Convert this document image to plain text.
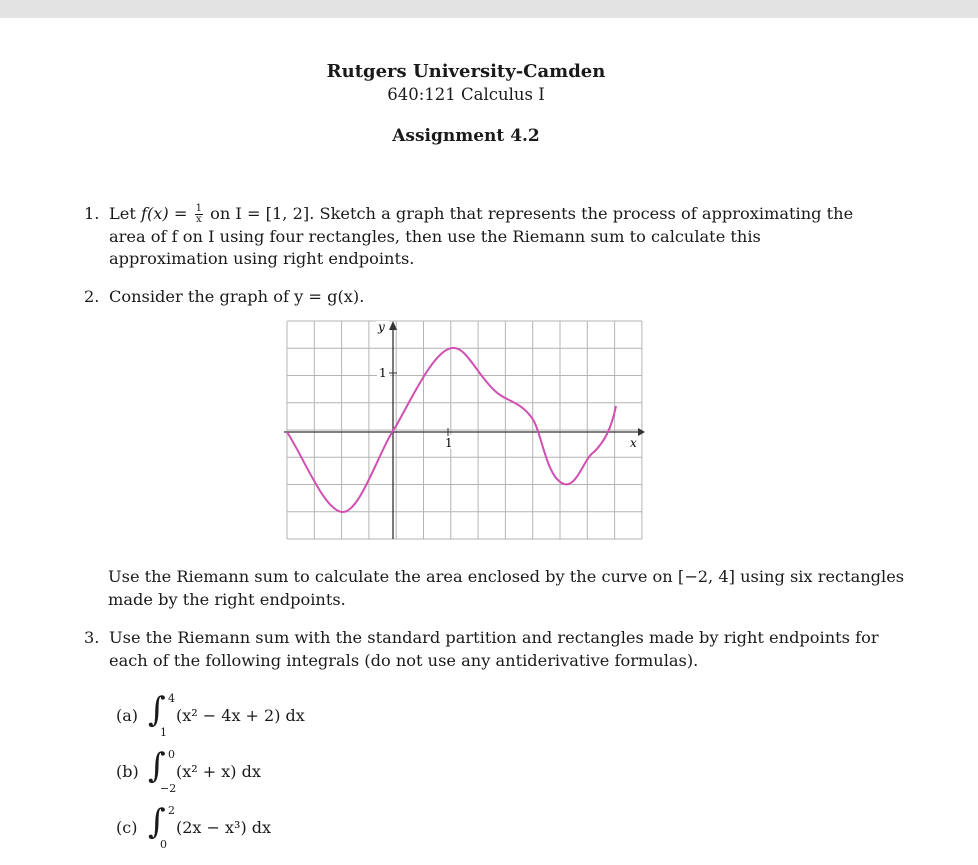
Rutgers University-Camden
640:121 Calculus I
Assignment 4.2
1. Let $f(x) = \frac{1}{x}$ on I = [1, 2]. Sketch a graph that represents the process of approximating the area of f on I using four rectangles, then use the Riemann sum to calculate this approximation using right endpoints.
2. Consider the graph of y = g(x).
y
1
1	x
Use the Riemann sum to calculate the area enclosed by the curve on [−2, 4] using six rectangles made by the right endpoints.
3. Use the Riemann sum with the standard partition and rectangles made by right endpoints for each of the following integrals (do not use any antiderivative formulas).
(a) ∫ 4
1
(x² − 4x + 2) dx
(b) ∫ 0
−2
(x² + x) dx
(c) ∫ 2
0
(2x − x³) dx
